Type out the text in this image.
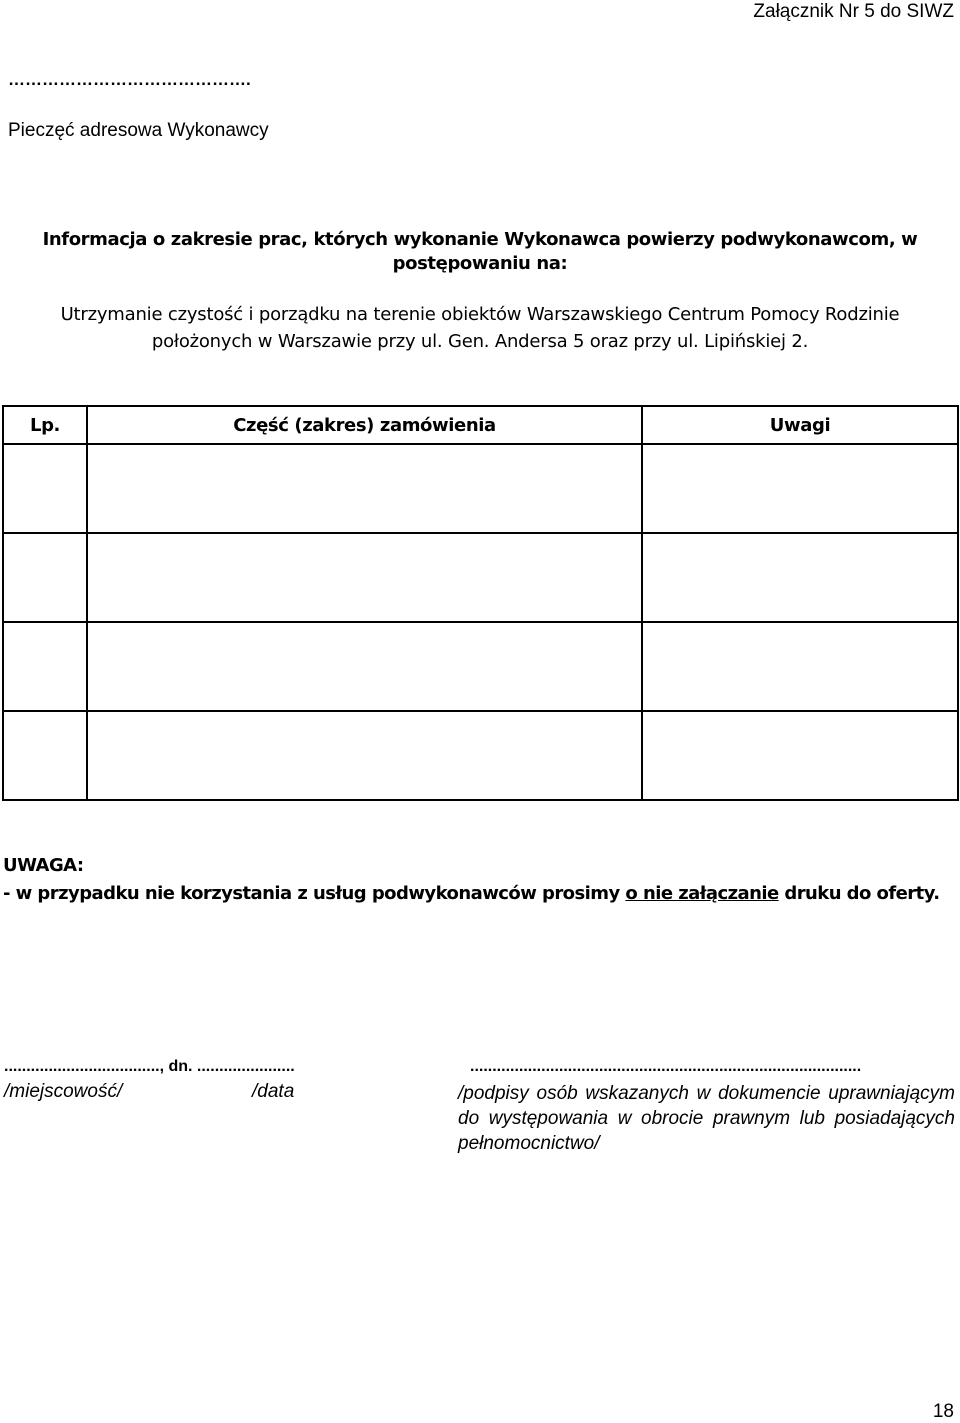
Załącznik Nr 5 do SIWZ
…………………………………….
Pieczęć adresowa Wykonawcy
Informacja o zakresie prac, których wykonanie Wykonawca powierzy podwykonawcom, w postępowaniu na:
Utrzymanie czystość i porządku na terenie obiektów Warszawskiego Centrum Pomocy Rodzinie położonych w Warszawie przy ul. Gen. Andersa 5 oraz przy ul. Lipińskiej 2.
Lp.	Część (zakres) zamówienia	Uwagi

UWAGA:
- w przypadku nie korzystania z usług podwykonawców prosimy o nie załączanie druku do oferty.
..................................., dn. ......................	........................................................................................
/miejscowość/	/data	/podpisy osób wskazanych w dokumencie uprawniającym do występowania w obrocie prawnym lub posiadających pełnomocnictwo/
18
